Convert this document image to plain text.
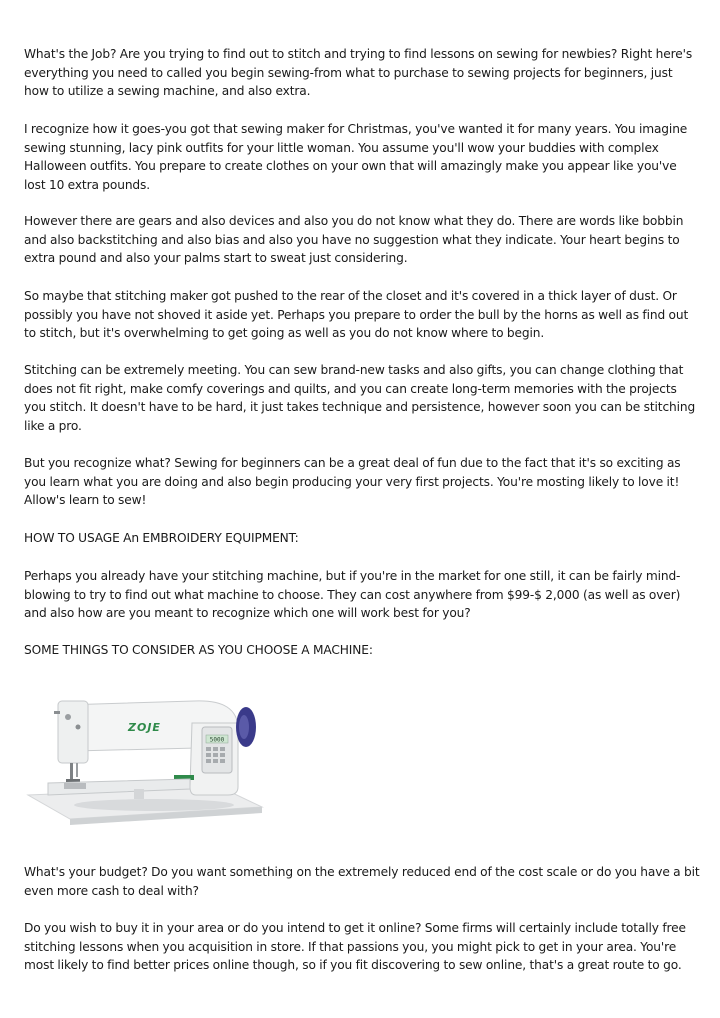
What's the Job? Are you trying to find out to stitch and trying to find lessons on sewing for newbies? Right here's everything you need to called you begin sewing-from what to purchase to sewing projects for beginners, just how to utilize a sewing machine, and also extra.

I recognize how it goes-you got that sewing maker for Christmas, you've wanted it for many years. You imagine sewing stunning, lacy pink outfits for your little woman. You assume you'll wow your buddies with complex Halloween outfits. You prepare to create clothes on your own that will amazingly make you appear like you've lost 10 extra pounds.

However there are gears and also devices and also you do not know what they do. There are words like bobbin and also backstitching and also bias and also you have no suggestion what they indicate. Your heart begins to extra pound and also your palms start to sweat just considering.

So maybe that stitching maker got pushed to the rear of the closet and it's covered in a thick layer of dust. Or possibly you have not shoved it aside yet. Perhaps you prepare to order the bull by the horns as well as find out to stitch, but it's overwhelming to get going as well as you do not know where to begin.

Stitching can be extremely meeting. You can sew brand-new tasks and also gifts, you can change clothing that does not fit right, make comfy coverings and quilts, and you can create long-term memories with the projects you stitch. It doesn't have to be hard, it just takes technique and persistence, however soon you can be stitching like a pro.

But you recognize what? Sewing for beginners can be a great deal of fun due to the fact that it's so exciting as you learn what you are doing and also begin producing your very first projects. You're mosting likely to love it! Allow's learn to sew!

HOW TO USAGE An EMBROIDERY EQUIPMENT:

Perhaps you already have your stitching machine, but if you're in the market for one still, it can be fairly mind-blowing to try to find out what machine to choose. They can cost anywhere from $99-$ 2,000 (as well as over) and also how are you meant to recognize which one will work best for you?

SOME THINGS TO CONSIDER AS YOU CHOOSE A MACHINE:

5000
ZOJE

What's your budget? Do you want something on the extremely reduced end of the cost scale or do you have a bit even more cash to deal with?

Do you wish to buy it in your area or do you intend to get it online? Some firms will certainly include totally free stitching lessons when you acquisition in store. If that passions you, you might pick to get in your area. You're most likely to find better prices online though, so if you fit discovering to sew online, that's a great route to go.
